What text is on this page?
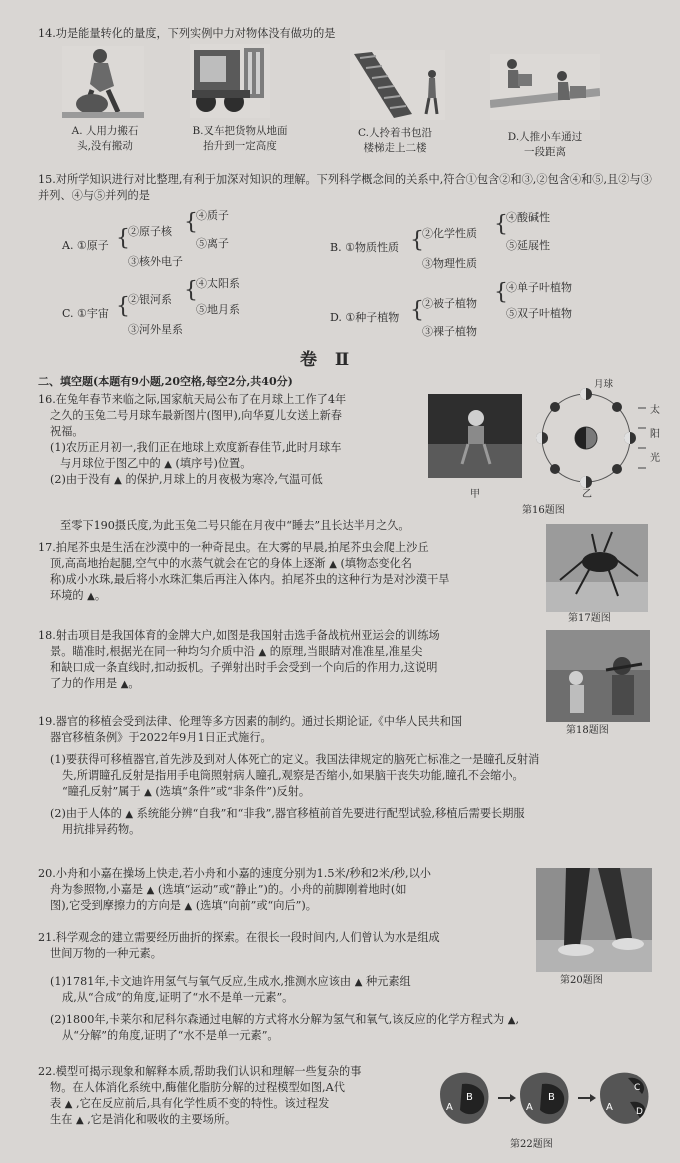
14.功是能量转化的量度，下列实例中力对物体没有做功的是
A. 人用力搬石
头,没有搬动
B.叉车把货物从地面
抬升到一定高度
C.人拎着书包沿
楼梯走上二楼
D.人推小车通过
一段距离
15.对所学知识进行对比整理,有利于加深对知识的理解。下列科学概念间的关系中,符合①包含②和③,②包含④和⑤,且②与③并列、④与⑤并列的是
A. ①原子 {
②原子核
③核外电子
{
④质子
⑤离子	B. ①物质性质 {
②化学性质
③物理性质
{
④酸碱性
⑤延展性
C. ①宇宙 {
②银河系
③河外星系
{
④太阳系
⑤地月系
D. ①种子植物 {
②被子植物
③裸子植物
{
④单子叶植物
⑤双子叶植物
卷 Ⅱ
二、填空题(本题有9小题,20空格,每空2分,共40分)
16.在兔年春节来临之际,国家航天局公布了在月球上工作了4年
之久的玉兔二号月球车最新图片(图甲),向华夏儿女送上新春
祝福。
(1)农历正月初一,我们正在地球上欢度新春佳节,此时月球车
与月球位于图乙中的 ▲ (填序号)位置。
(2)由于没有 ▲ 的保护,月球上的月夜极为寒冷,气温可低
至零下190摄氏度,为此玉兔二号只能在月夜中“睡去”且长达半月之久。
甲
月球
太
阳
光
乙
第16题图
17.拍尾芥虫是生活在沙漠中的一种奇昆虫。在大雾的早晨,拍尾芥虫会爬上沙丘
顶,高高地抬起腿,空气中的水蒸气就会在它的身体上逐渐 ▲ (填物态变化名
称)成小水珠,最后将小水珠汇集后再注入体内。拍尾芥虫的这种行为是对沙漠干旱
环境的 ▲。
第17题图
18.射击项目是我国体育的金牌大户,如图是我国射击选手备战杭州亚运会的训练场
景。瞄准时,根据光在同一种均匀介质中沿 ▲ 的原理,当眼睛对准准星,准星尖
和缺口成一条直线时,扣动扳机。子弹射出时手会受到一个向后的作用力,这说明
了力的作用是 ▲。
第18题图
19.器官的移植会受到法律、伦理等多方因素的制约。通过长期论证,《中华人民共和国
器官移植条例》于2022年9月1日正式施行。
(1)要获得可移植器官,首先涉及到对人体死亡的定义。我国法律规定的脑死亡标准之一是瞳孔反射消
失,所谓瞳孔反射是指用手电筒照射病人瞳孔,观察是否缩小,如果脑干丧失功能,瞳孔不会缩小。
“瞳孔反射”属于 ▲ (选填“条件”或“非条件”)反射。
(2)由于人体的 ▲ 系统能分辨“自我”和“非我”,器官移植前首先要进行配型试验,移植后需要长期服
用抗排异药物。
20.小舟和小嘉在操场上快走,若小舟和小嘉的速度分别为1.5米/秒和2米/秒,以小
舟为参照物,小嘉是 ▲ (选填“运动”或“静止”)的。小舟的前脚刚着地时(如
图),它受到摩擦力的方向是 ▲ (选填“向前”或“向后”)。
第20题图
21.科学观念的建立需要经历曲折的探索。在很长一段时间内,人们曾认为水是组成
世间万物的一种元素。
(1)1781年,卡文迪许用氢气与氧气反应,生成水,推测水应该由 ▲ 种元素组
成,从“合成”的角度,证明了“水不是单一元素”。
(2)1800年,卡莱尔和尼科尔森通过电解的方式将水分解为氢气和氧气,该反应的化学方程式为 ▲,
从“分解”的角度,证明了“水不是单一元素”。
22.模型可揭示现象和解释本质,帮助我们认识和理解一些复杂的事
物。在人体消化系统中,酶催化脂肪分解的过程模型如图,A代
表 ▲ ,它在反应前后,具有化学性质不变的特性。该过程发
生在 ▲ ,它是消化和吸收的主要场所。
A
B
A
B
A
C
D
第22题图
